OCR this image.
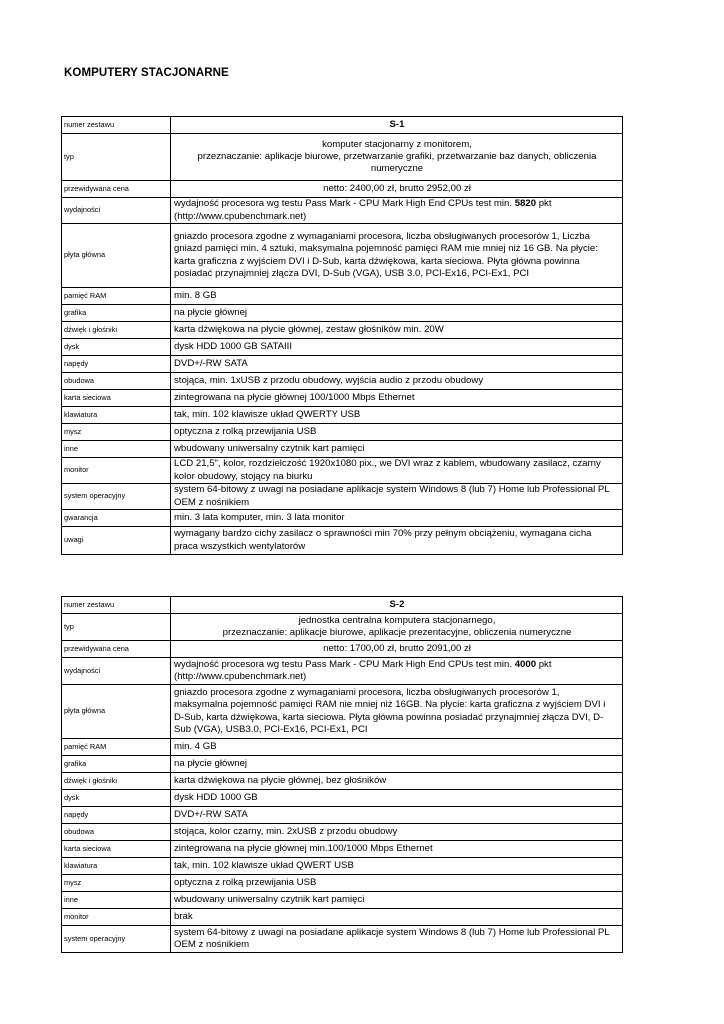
KOMPUTERY STACJONARNE
numer zestawu	S-1
typ	komputer stacjonarny z monitorem,
przeznaczanie: aplikacje biurowe, przetwarzanie grafiki, przetwarzanie baz danych, obliczenia
numeryczne
przewidywana cena	netto: 2400,00 zł, brutto 2952,00 zł
wydajności	wydajność procesora wg testu Pass Mark - CPU Mark High End CPUs test min. 5820 pkt
(http://www.cpubenchmark.net)
płyta główna	gniazdo procesora zgodne z wymaganiami procesora, liczba obsługiwanych procesorów 1, Liczba
gniazd pamięci min. 4 sztuki, maksymalna pojemność pamięci RAM mie mniej niż 16 GB. Na płycie:
karta graficzna z wyjściem DVI i D-Sub, karta dźwiękowa, karta sieciowa. Płyta główna powinna
posiadać przynajmniej złącza DVI, D-Sub (VGA), USB 3.0, PCI-Ex16, PCI-Ex1, PCI
pamięć RAM	min. 8 GB
grafika	na płycie głównej
dźwięk i głośniki	karta dźwiękowa na płycie głównej, zestaw głośników min. 20W
dysk	dysk HDD 1000 GB SATAIII
napędy	DVD+/-RW SATA
obudowa	stojąca, min. 1xUSB z przodu obudowy, wyjścia audio z przodu obudowy
karta sieciowa	zintegrowana na płycie głównej 100/1000 Mbps Ethernet
klawiatura	tak, min. 102 klawisze układ QWERTY USB
mysz	optyczna z rolką przewijania USB
inne	wbudowany uniwersalny czytnik kart pamięci
monitor	LCD 21,5", kolor, rozdzielczość 1920x1080 pix., we DVI wraz z kablem, wbudowany zasilacz, czarny
kolor obudowy, stojący na biurku
system operacyjny	system 64-bitowy z uwagi na posiadane aplikacje system Windows 8 (lub 7) Home lub Professional PL
OEM z nośnikiem
gwarancja	min. 3 lata komputer, min. 3 lata monitor
uwagi	wymagany bardzo cichy zasilacz o sprawności min 70% przy pełnym obciążeniu, wymagana cicha
praca wszystkich wentylatorów
numer zestawu	S-2
typ	jednostka centralna komputera stacjonarnego,
przeznaczanie: aplikacje biurowe, aplikacje prezentacyjne, obliczenia numeryczne
przewidywana cena	netto: 1700,00 zł, brutto 2091,00 zł
wydajności	wydajność procesora wg testu Pass Mark - CPU Mark High End CPUs test min. 4000 pkt
(http://www.cpubenchmark.net)
płyta główna	gniazdo procesora zgodne z wymaganiami procesora, liczba obsługiwanych procesorów 1,
maksymalna pojemność pamięci RAM nie mniej niż 16GB. Na płycie: karta graficzna z wyjściem DVI i
D-Sub, karta dźwiękowa, karta sieciowa. Płyta główna powinna posiadać przynajmniej złącza DVI, D-
Sub (VGA), USB3.0, PCI-Ex16, PCI-Ex1, PCI
pamięć RAM	min. 4 GB
grafika	na płycie głównej
dźwięk i głośniki	karta dźwiękowa na płycie głównej, bez głośników
dysk	dysk HDD 1000 GB
napędy	DVD+/-RW SATA
obudowa	stojąca, kolor czarny, min. 2xUSB z przodu obudowy
karta sieciowa	zintegrowana na płycie głównej min.100/1000 Mbps Ethernet
klawiatura	tak, min. 102 klawisze układ QWERT USB
mysz	optyczna z rolką przewijania USB
inne	wbudowany uniwersalny czytnik kart pamięci
monitor	brak
system operacyjny	system 64-bitowy z uwagi na posiadane aplikacje system Windows 8 (lub 7) Home lub Professional PL
OEM z nośnikiem
